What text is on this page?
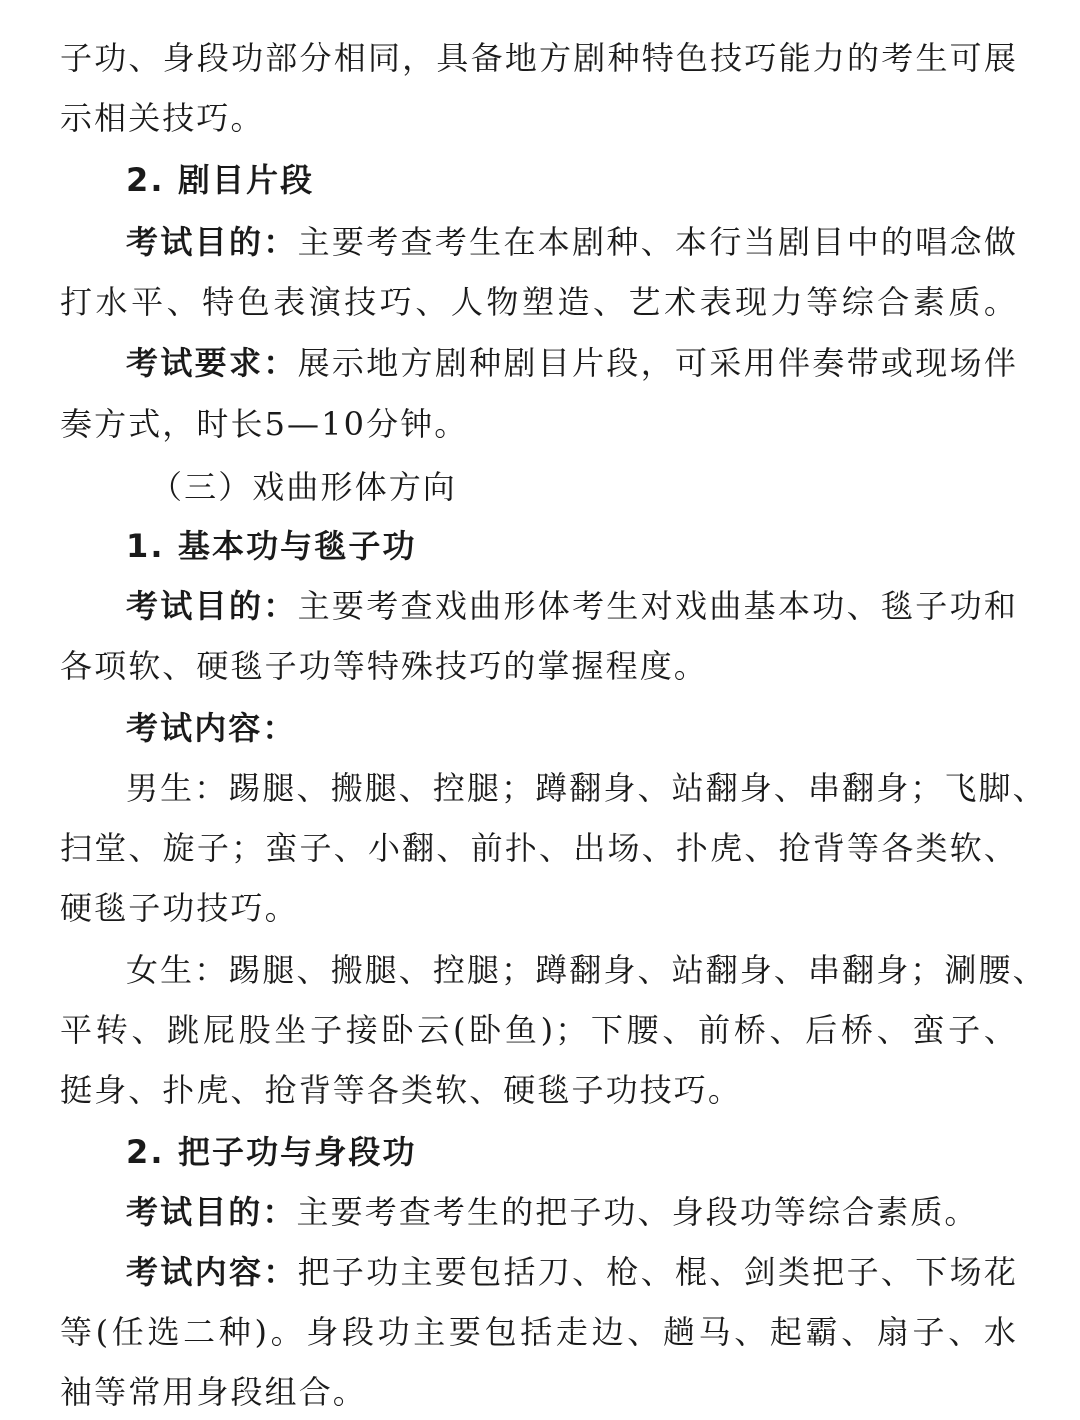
子功、身段功部分相同，具备地方剧种特色技巧能力的考生可展
示相关技巧。
2. 剧目片段
考试目的：主要考查考生在本剧种、本行当剧目中的唱念做
打水平、特色表演技巧、人物塑造、艺术表现力等综合素质。
考试要求：展示地方剧种剧目片段，可采用伴奏带或现场伴
奏方式，时长5—10分钟。
（三）戏曲形体方向
1. 基本功与毯子功
考试目的：主要考查戏曲形体考生对戏曲基本功、毯子功和
各项软、硬毯子功等特殊技巧的掌握程度。
考试内容：
男生：踢腿、搬腿、控腿；蹲翻身、站翻身、串翻身；飞脚、
扫堂、旋子；蛮子、小翻、前扑、出场、扑虎、抢背等各类软、
硬毯子功技巧。
女生：踢腿、搬腿、控腿；蹲翻身、站翻身、串翻身；涮腰、
平转、跳屁股坐子接卧云(卧鱼)；下腰、前桥、后桥、蛮子、
挺身、扑虎、抢背等各类软、硬毯子功技巧。
2. 把子功与身段功
考试目的：主要考查考生的把子功、身段功等综合素质。
考试内容：把子功主要包括刀、枪、棍、剑类把子、下场花
等(任选二种)。身段功主要包括走边、趟马、起霸、扇子、水
袖等常用身段组合。
